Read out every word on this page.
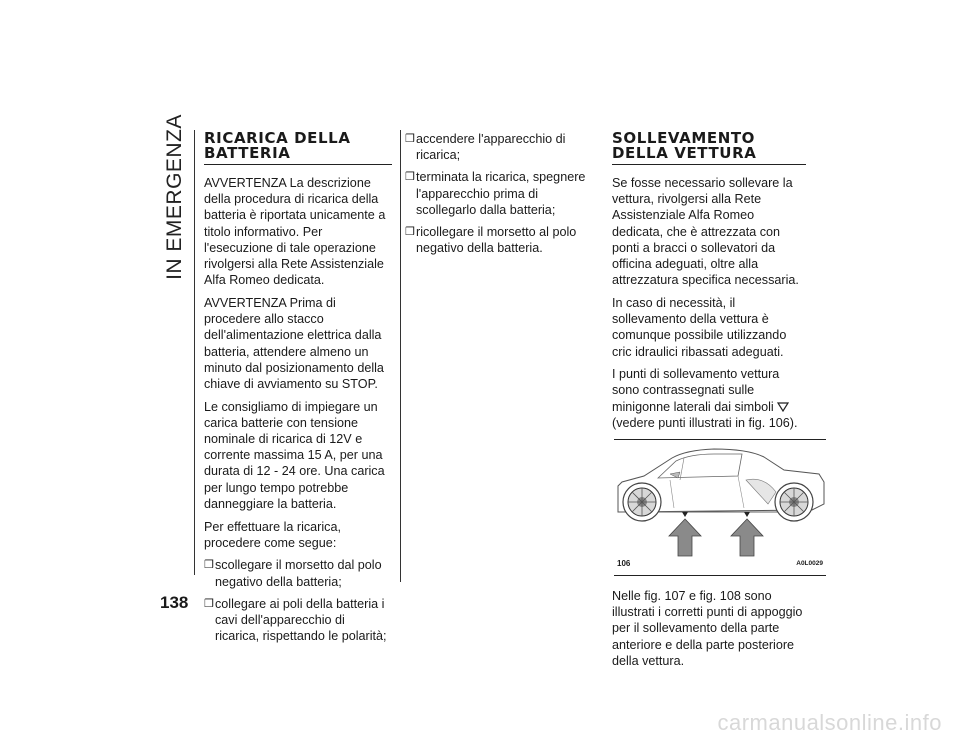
IN EMERGENZA
138
RICARICA DELLA BATTERIA

AVVERTENZA La descrizione della procedura di ricarica della batteria è riportata unicamente a titolo informativo. Per l'esecuzione di tale operazione rivolgersi alla Rete Assistenziale Alfa Romeo dedicata.

AVVERTENZA Prima di procedere allo stacco dell'alimentazione elettrica dalla batteria, attendere almeno un minuto dal posizionamento della chiave di avviamento su STOP.

Le consigliamo di impiegare un carica batterie con tensione nominale di ricarica di 12V e corrente massima 15 A, per una durata di 12 - 24 ore. Una carica per lungo tempo potrebbe danneggiare la batteria.

Per effettuare la ricarica, procedere come segue:

❒ scollegare il morsetto dal polo negativo della batteria;
❒ collegare ai poli della batteria i cavi dell'apparecchio di ricarica, rispettando le polarità;
❒ accendere l'apparecchio di ricarica;
❒ terminata la ricarica, spegnere l'apparecchio prima di scollegarlo dalla batteria;
❒ ricollegare il morsetto al polo negativo della batteria.
SOLLEVAMENTO DELLA VETTURA

Se fosse necessario sollevare la vettura, rivolgersi alla Rete Assistenziale Alfa Romeo dedicata, che è attrezzata con ponti a bracci o sollevatori da officina adeguati, oltre alla attrezzatura specifica necessaria.

In caso di necessità, il sollevamento della vettura è comunque possibile utilizzando cric idraulici ribassati adeguati.

I punti di sollevamento vettura sono contrassegnati sulle minigonne laterali dai simboli  (vedere punti illustrati in fig. 106).

106	A0L0029

Nelle fig. 107 e fig. 108 sono illustrati i corretti punti di appoggio per il sollevamento della parte anteriore e della parte posteriore della vettura.

carmanualsonline.info
